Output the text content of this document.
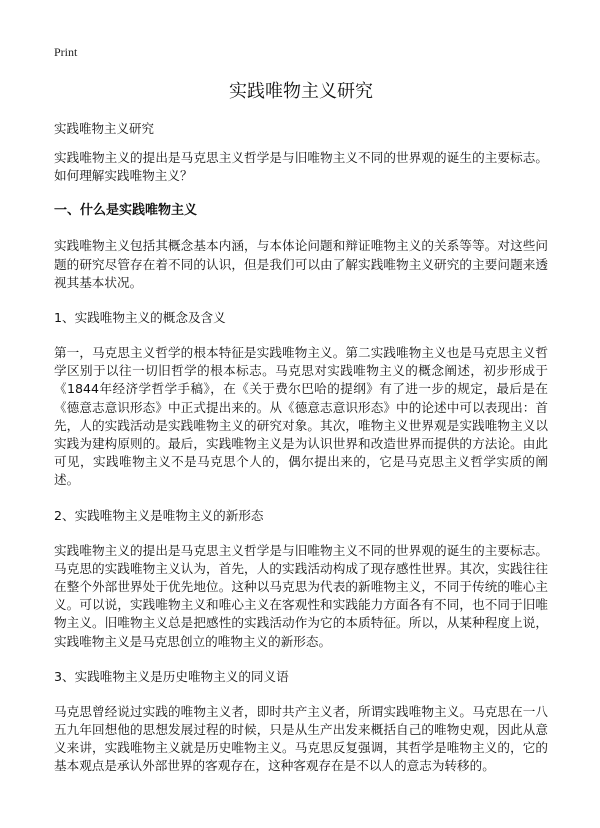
Print
实践唯物主义研究
实践唯物主义研究

实践唯物主义的提出是马克思主义哲学是与旧唯物主义不同的世界观的诞生的主要标志。如何理解实践唯物主义？

一、什么是实践唯物主义

实践唯物主义包括其概念基本内涵，与本体论问题和辩证唯物主义的关系等等。对这些问题的研究尽管存在着不同的认识，但是我们可以由了解实践唯物主义研究的主要问题来透视其基本状况。

1、实践唯物主义的概念及含义

第一，马克思主义哲学的根本特征是实践唯物主义。第二实践唯物主义也是马克思主义哲学区别于以往一切旧哲学的根本标志。马克思对实践唯物主义的概念阐述，初步形成于《1844年经济学哲学手稿》，在《关于费尔巴哈的提纲》有了进一步的规定，最后是在《德意志意识形态》中正式提出来的。从《德意志意识形态》中的论述中可以表现出：首先，人的实践活动是实践唯物主义的研究对象。其次，唯物主义世界观是实践唯物主义以实践为建构原则的。最后，实践唯物主义是为认识世界和改造世界而提供的方法论。由此可见，实践唯物主义不是马克思个人的，偶尔提出来的，它是马克思主义哲学实质的阐述。

2、实践唯物主义是唯物主义的新形态

实践唯物主义的提出是马克思主义哲学是与旧唯物主义不同的世界观的诞生的主要标志。马克思的实践唯物主义认为，首先，人的实践活动构成了现存感性世界。其次，实践往往在整个外部世界处于优先地位。这种以马克思为代表的新唯物主义，不同于传统的唯心主义。可以说，实践唯物主义和唯心主义在客观性和实践能力方面各有不同，也不同于旧唯物主义。旧唯物主义总是把感性的实践活动作为它的本质特征。所以，从某种程度上说，实践唯物主义是马克思创立的唯物主义的新形态。

3、实践唯物主义是历史唯物主义的同义语

马克思曾经说过实践的唯物主义者，即时共产主义者，所谓实践唯物主义。马克思在一八五九年回想他的思想发展过程的时候，只是从生产出发来概括自己的唯物史观，因此从意义来讲，实践唯物主义就是历史唯物主义。马克思反复强调，其哲学是唯物主义的，它的基本观点是承认外部世界的客观存在，这种客观存在是不以人的意志为转移的。
